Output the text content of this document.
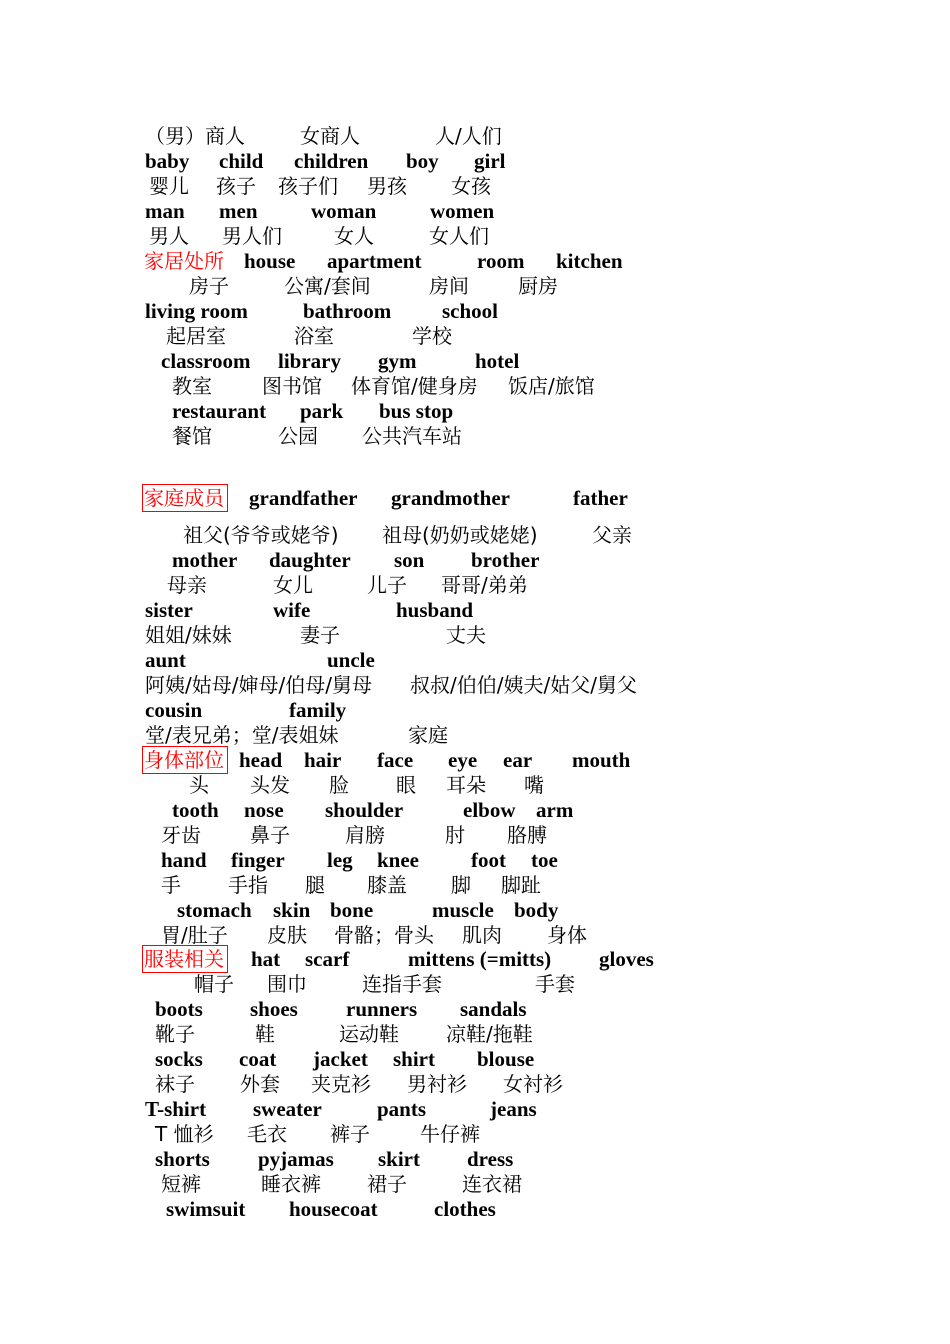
（男）商人	女商人	人/人们
baby child children boy girl
婴儿 孩子 孩子们 男孩 女孩
man men	woman	women
男人 男人们	女人	女人们
家居处所 house apartment	room kitchen
房子	公寓/套间	房间 厨房
living room	bathroom school
起居室	浴室	学校
classroom library gym	hotel
教室	图书馆 体育馆/健身房 饭店/旅馆
restaurant park bus stop
餐馆	公园 公共汽车站
家庭成员 grandfather grandmother	father
祖父(爷爷或姥爷) 祖母(奶奶或姥姥)	父亲
mother daughter son brother
母亲	女儿	儿子 哥哥/弟弟
sister	wife	husband
姐姐/妹妹	妻子	丈夫
aunt	uncle
阿姨/姑母/婶母/伯母/舅母 叔叔/伯伯/姨夫/姑父/舅父
cousin	family
堂/表兄弟；堂/表姐妹	家庭
身体部位 head hair face eye ear mouth
头 头发 脸 眼 耳朵 嘴
tooth nose shoulder	elbow arm
牙齿 鼻子	肩膀	肘 胳膊
hand finger leg knee foot toe
手 手指 腿 膝盖 脚 脚趾
stomach skin bone	muscle body
胃/肚子 皮肤 骨骼；骨头 肌肉 身体
服装相关 hat scarf	mittens (=mitts) gloves
帽子 围巾	连指手套	手套
boots shoes runners sandals
靴子	鞋	运动鞋 凉鞋/拖鞋
socks coat jacket shirt blouse
袜子 外套 夹克衫 男衬衫 女衬衫
T-shirt sweater	pants	jeans
T 恤衫 毛衣 裤子	牛仔裤
shorts pyjamas skirt dress
短裤	睡衣裤 裙子	连衣裙
swimsuit housecoat	clothes
